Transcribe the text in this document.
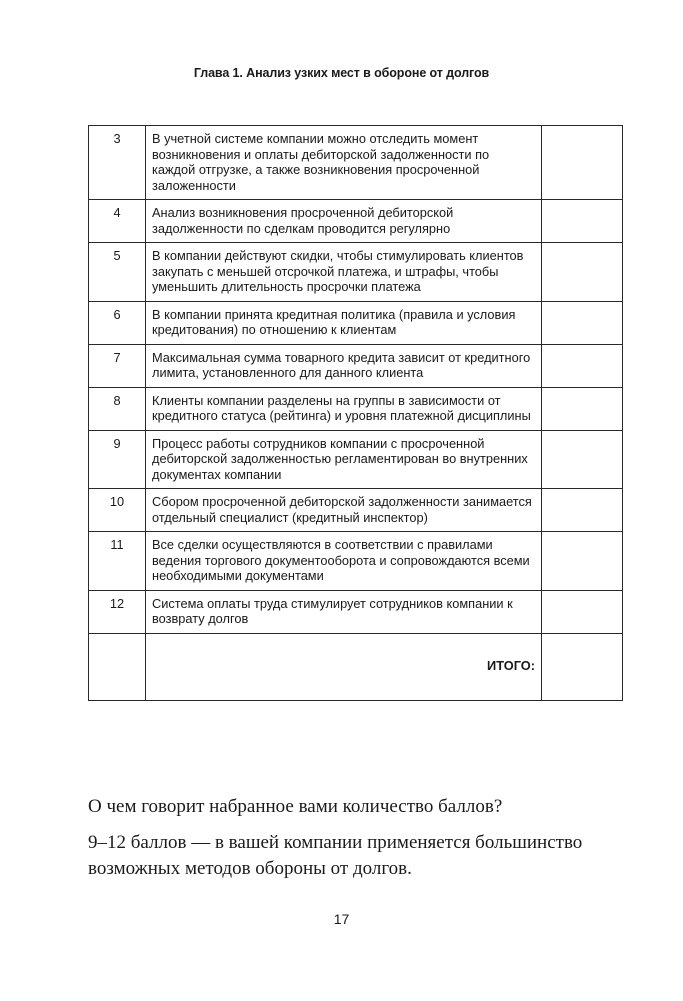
Глава 1. Анализ узких мест в обороне от долгов
3	В учетной системе компании можно отследить момент возникновения и оплаты дебиторской задолженности по каждой отгрузке, а также возникновения просроченной заложенности	
4	Анализ возникновения просроченной дебиторской задолженности по сделкам проводится регулярно	
5	В компании действуют скидки, чтобы стимулировать клиентов закупать с меньшей отсрочкой платежа, и штрафы, чтобы уменьшить длительность просрочки платежа	
6	В компании принята кредитная политика (правила и условия кредитования) по отношению к клиентам	
7	Максимальная сумма товарного кредита зависит от кредитного лимита, установленного для данного клиента	
8	Клиенты компании разделены на группы в зависимости от кредитного статуса (рейтинга) и уровня платежной дисциплины	
9	Процесс работы сотрудников компании с просроченной дебиторской задолженностью регламентирован во внутренних документах компании	
10	Сбором просроченной дебиторской задолженности занимается отдельный специалист (кредитный инспектор)	
11	Все сделки осуществляются в соответствии с правилами ведения торгового документооборота и сопровождаются всеми необходимыми документами	
12	Система оплаты труда стимулирует сотрудников компании к возврату долгов	
	ИТОГО:	
О чем говорит набранное вами количество баллов?
9–12 баллов — в вашей компании применяется большинство возможных методов обороны от долгов.
17
